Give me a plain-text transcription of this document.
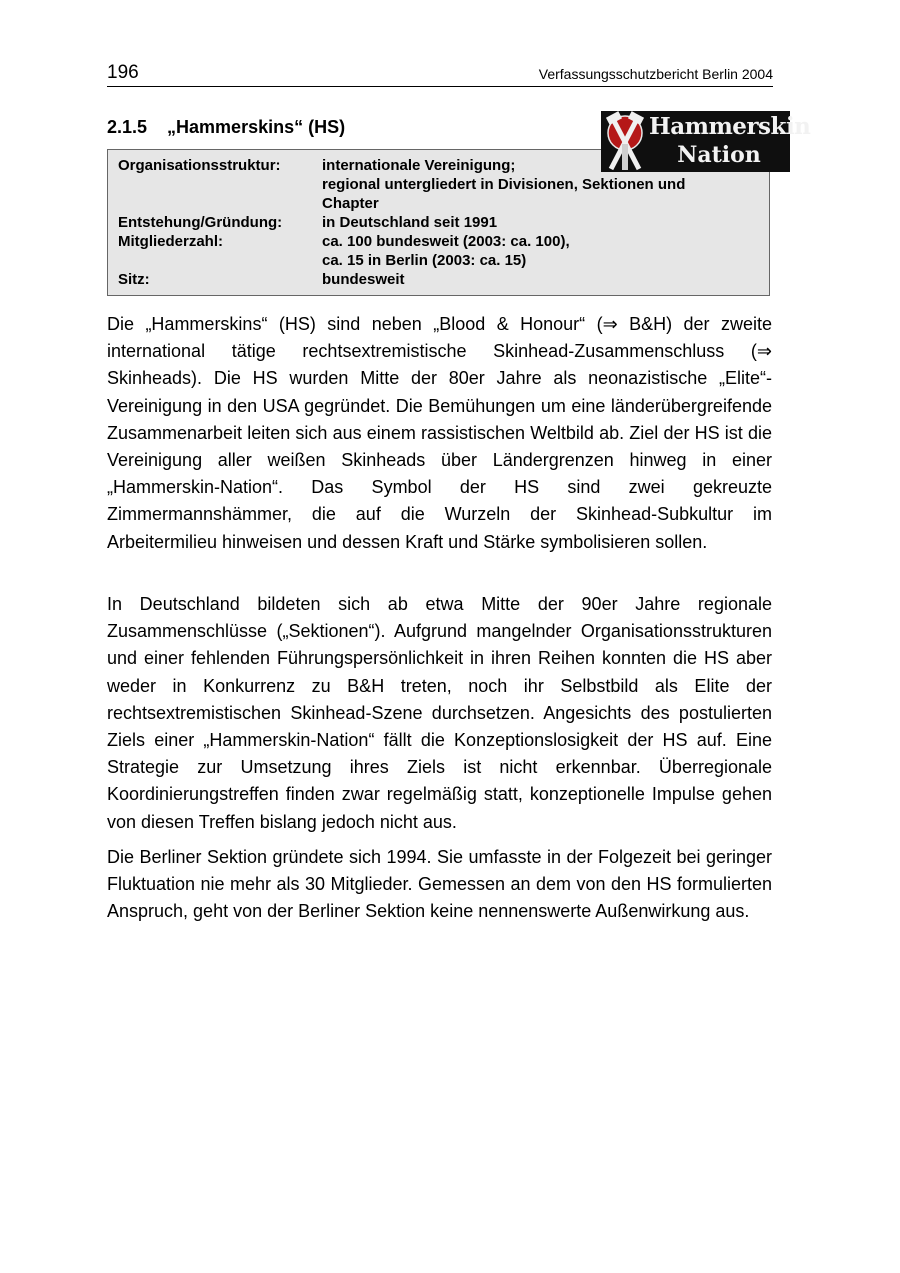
196	Verfassungsschutzbericht Berlin 2004
2.1.5    „Hammerskins“ (HS)
Organisationsstruktur:	internationale Vereinigung;
regional untergliedert in Divisionen, Sektionen und
Chapter
Entstehung/Gründung:	in Deutschland seit 1991
Mitgliederzahl:	ca. 100 bundesweit (2003: ca. 100),
ca. 15 in Berlin (2003: ca. 15)
Sitz:	bundesweit
Hammerskin
Nation

Die „Hammerskins“ (HS) sind neben „Blood & Honour“ (⇒ B&H) der zweite international tätige rechtsextremistische Skinhead-Zusammenschluss (⇒ Skinheads). Die HS wurden Mitte der 80er Jahre als neonazistische „Elite“-Vereinigung in den USA gegründet. Die Bemühungen um eine länderübergreifende Zusammenarbeit leiten sich aus einem rassistischen Weltbild ab. Ziel der HS ist die Vereinigung aller weißen Skinheads über Ländergrenzen hinweg in einer „Hammerskin-Nation“. Das Symbol der HS sind zwei gekreuzte Zimmermannshämmer, die auf die Wurzeln der Skinhead-Subkultur im Arbeitermilieu hinweisen und dessen Kraft und Stärke symbolisieren sollen.

In Deutschland bildeten sich ab etwa Mitte der 90er Jahre regionale Zusammenschlüsse („Sektionen“). Aufgrund mangelnder Organisationsstrukturen und einer fehlenden Führungspersönlichkeit in ihren Reihen konnten die HS aber weder in Konkurrenz zu B&H treten, noch ihr Selbstbild als Elite der rechtsextremistischen Skinhead-Szene durchsetzen. Angesichts des postulierten Ziels einer „Hammerskin-Nation“ fällt die Konzeptionslosigkeit der HS auf. Eine Strategie zur Umsetzung ihres Ziels ist nicht erkennbar. Überregionale Koordinierungstreffen finden zwar regelmäßig statt, konzeptionelle Impulse gehen von diesen Treffen bislang jedoch nicht aus.

Die Berliner Sektion gründete sich 1994. Sie umfasste in der Folgezeit bei geringer Fluktuation nie mehr als 30 Mitglieder. Gemessen an dem von den HS formulierten Anspruch, geht von der Berliner Sektion keine nennenswerte Außenwirkung aus.
